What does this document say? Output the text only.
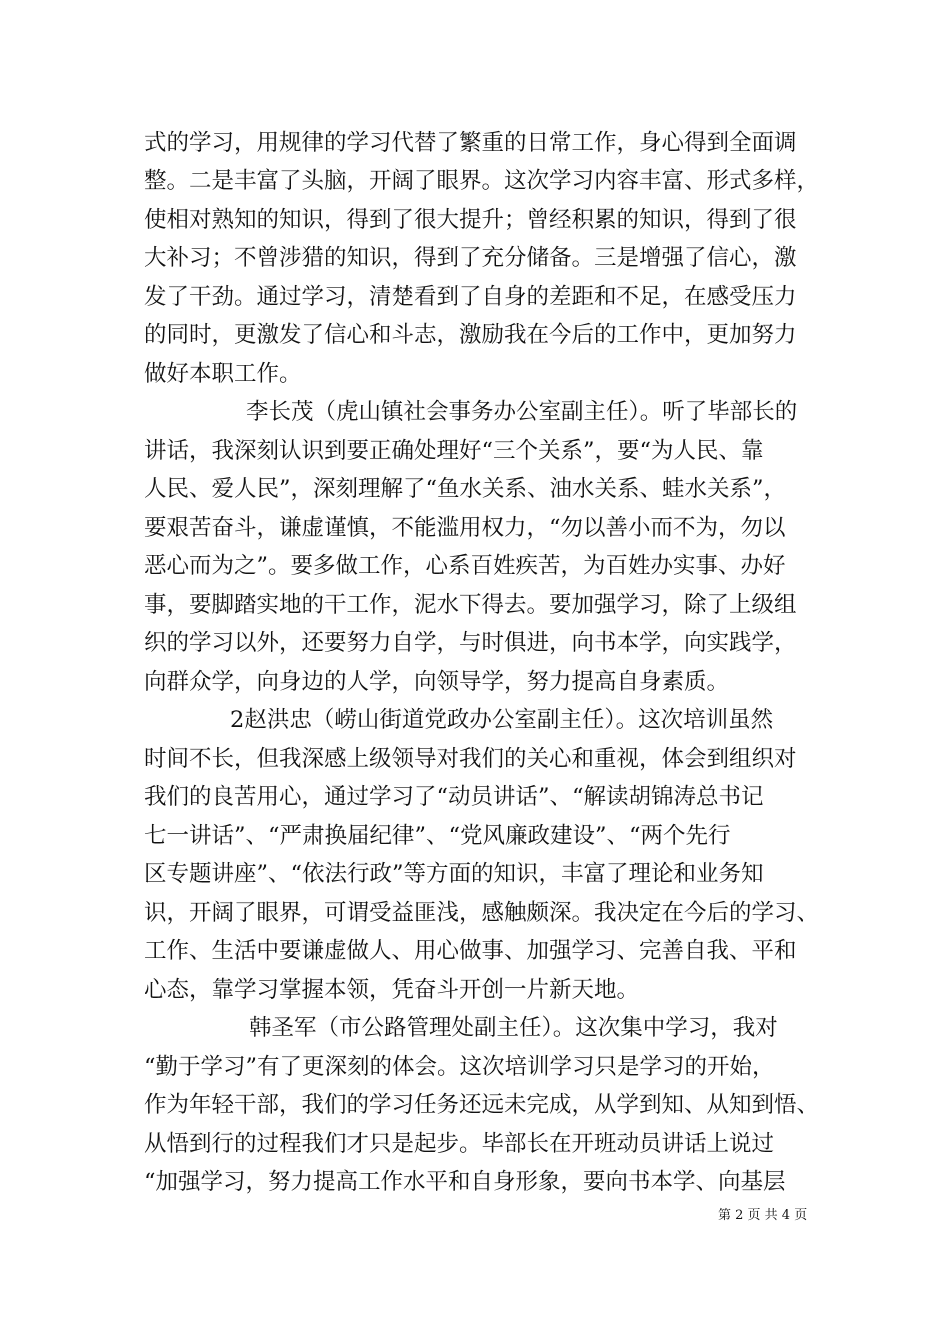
式的学习，用规律的学习代替了繁重的日常工作，身心得到全面调
整。二是丰富了头脑，开阔了眼界。这次学习内容丰富、形式多样，
使相对熟知的知识，得到了很大提升；曾经积累的知识，得到了很
大补习；不曾涉猎的知识，得到了充分储备。三是增强了信心，激
发了干劲。通过学习，清楚看到了自身的差距和不足，在感受压力
的同时，更激发了信心和斗志，激励我在今后的工作中，更加努力
做好本职工作。
李长茂（虎山镇社会事务办公室副主任）。听了毕部长的
讲话，我深刻认识到要正确处理好“三个关系”，要“为人民、靠
人民、爱人民”，深刻理解了“鱼水关系、油水关系、蛙水关系”，
要艰苦奋斗，谦虚谨慎，不能滥用权力，“勿以善小而不为，勿以
恶心而为之”。要多做工作，心系百姓疾苦，为百姓办实事、办好
事，要脚踏实地的干工作，泥水下得去。要加强学习，除了上级组
织的学习以外，还要努力自学，与时俱进，向书本学，向实践学，
向群众学，向身边的人学，向领导学，努力提高自身素质。
2赵洪忠（崂山街道党政办公室副主任）。这次培训虽然
时间不长，但我深感上级领导对我们的关心和重视，体会到组织对
我们的良苦用心，通过学习了“动员讲话”、“解读胡锦涛总书记
七一讲话”、“严肃换届纪律”、“党风廉政建设”、“两个先行
区专题讲座”、“依法行政”等方面的知识，丰富了理论和业务知
识，开阔了眼界，可谓受益匪浅，感触颇深。我决定在今后的学习、
工作、生活中要谦虚做人、用心做事、加强学习、完善自我、平和
心态，靠学习掌握本领，凭奋斗开创一片新天地。
韩圣军（市公路管理处副主任）。这次集中学习，我对
“勤于学习”有了更深刻的体会。这次培训学习只是学习的开始，
作为年轻干部，我们的学习任务还远未完成，从学到知、从知到悟、
从悟到行的过程我们才只是起步。毕部长在开班动员讲话上说过
“加强学习，努力提高工作水平和自身形象，要向书本学、向基层
第 2 页 共 4 页
